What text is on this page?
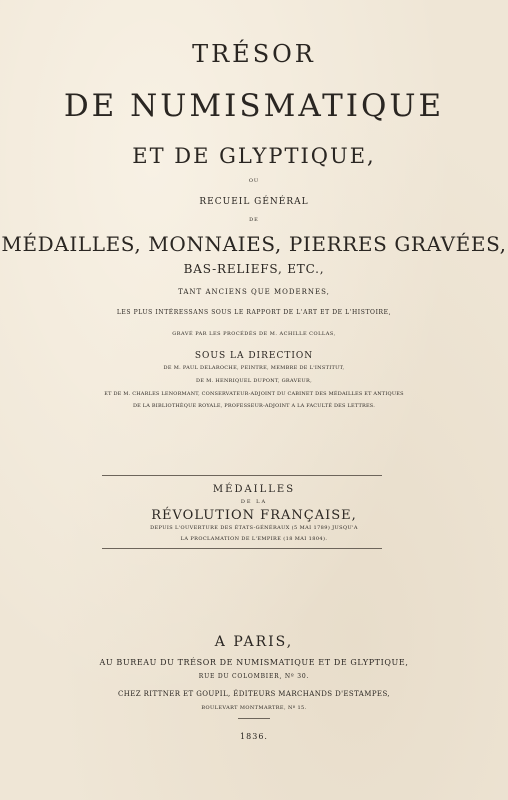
TRÉSOR
DE NUMISMATIQUE
ET DE GLYPTIQUE,
OU
RECUEIL GÉNÉRAL
DE
MÉDAILLES, MONNAIES, PIERRES GRAVÉES,
BAS-RELIEFS, ETC.,
TANT ANCIENS QUE MODERNES,
LES PLUS INTÉRESSANS SOUS LE RAPPORT DE L'ART ET DE L'HISTOIRE,
GRAVÉ PAR LES PROCÉDÉS DE M. ACHILLE COLLAS,
SOUS LA DIRECTION
DE M. PAUL DELAROCHE, PEINTRE, MEMBRE DE L'INSTITUT,
DE M. HENRIQUEL DUPONT, GRAVEUR,
ET DE M. CHARLES LENORMANT, CONSERVATEUR-ADJOINT DU CABINET DES MÉDAILLES ET ANTIQUES
DE LA BIBLIOTHÈQUE ROYALE, PROFESSEUR-ADJOINT A LA FACULTÉ DES LETTRES.
MÉDAILLES
DE LA
RÉVOLUTION FRANÇAISE,
DEPUIS L'OUVERTURE DES ÉTATS-GÉNÉRAUX (5 MAI 1789) JUSQU'A
LA PROCLAMATION DE L'EMPIRE (18 MAI 1804).
A PARIS,
AU BUREAU DU TRÉSOR DE NUMISMATIQUE ET DE GLYPTIQUE,
RUE DU COLOMBIER, Nº 30.
CHEZ RITTNER ET GOUPIL, ÉDITEURS MARCHANDS D'ESTAMPES,
BOULEVART MONTMARTRE, Nº 15.
1836.
